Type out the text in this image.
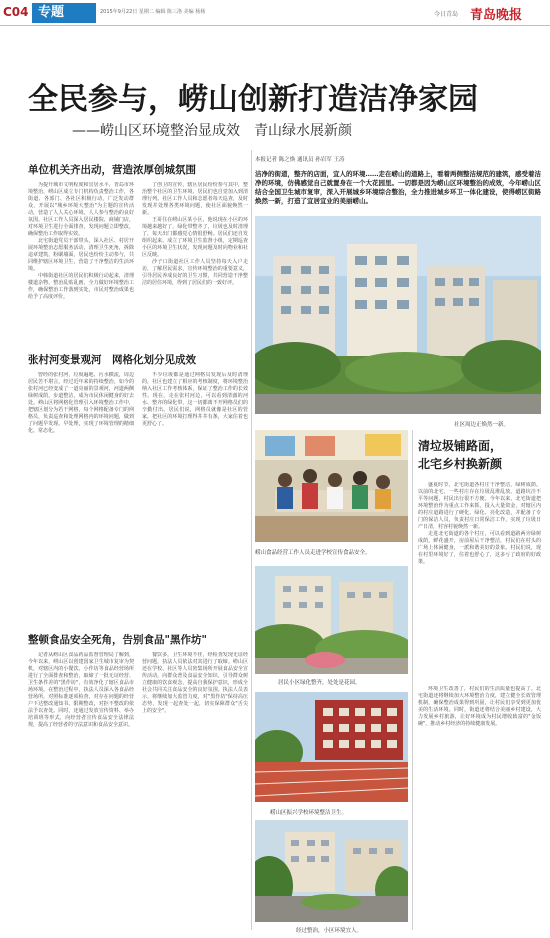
C04 专题	2015年9月22日 星期二 编辑 陈三洛 美编 杨杨	今日青岛 青岛晚报
全民参与，崂山创新打造洁净家园
——崂山区环境整治显成效　青山绿水展新颜
本报记者 陈之焕 通讯员 孙岩军 王涛
洁净的街道，整齐的店面，宜人的环境……走在崂山的道路上，看着两侧整洁规范的建筑，感受着洁净的环境，仿佛感觉自己就置身在一个大花园里。一切都是因为崂山区环境整治的成效，今年崂山区结合全国卫生城市复审，深入开展城乡环境综合整治，全力推进城乡环卫一体化建设，使得崂区街路焕然一新，打造了宜居宜业的美丽崂山。
单位机关齐出动，营造浓厚创城氛围

为提升城市文明程度和宜居水平，青岛市环境整治，崂山区成立专门机构负责整治工作，各街道、各部门、各社区积极行动，广泛发动群众，开展以"城乡环境大整治"为主题的宣传活动，营造了人人关心环境、人人参与整治的良好氛围。社区工作人员深入居民楼院、商铺门店，对环境卫生进行全面排查，发现问题立即整改，确保整治工作取得实效。

北宅街道党员干部带头，深入社区、村居开展环境整治志愿服务活动，清理卫生死角，拆除违章建筑，粉刷墙面，居民也纷纷主动参与，共同维护辖区环境卫生，营造了干净整洁的生活环境。

中韩街道社区的居民们积极行动起来，清理楼道杂物，整治乱贴乱画，全力做好环境整治工作，确保整治工作落到实处，市民对整治成果也给予了高度评价。

了创卫的宣传，辖区居民纷纷参与其中，整治整个社区的卫生环境，居民们也自觉加入到清理行列。社区工作人员和志愿者每天巡查，及时发现并处理各类环境问题，使社区面貌焕然一新。

王哥住在崂山区某小区，他说现在小区的环境越来越好了，绿化带整齐了，垃圾也及时清理了，每天出门都感觉心情很舒畅。居民们还自发组织起来，成立了环境卫生监督小组，定期巡查小区的环境卫生状况，发现问题及时向物业和社区反映。

沙子口街道社区工作人员坚持每天入户走访，了解居民需求，宣传环境整治的重要意义，引导居民养成良好的卫生习惯，共同营造干净整洁的居住环境，得到了居民们的一致好评。

社区周边正焕然一新。
张村河变景观河　网格化划分见成效

曾经的张村河，垃圾遍地、污水横流，周边居民苦不堪言。经过近年来的持续整治，如今的张村河已经变成了一道亮丽的景观河，河道两侧绿树成荫，步道整洁，成为市民休闲健身的好去处。崂山区将网格化管理引入环境整治工作中，把辖区划分为若干网格，每个网格配备专门的网格员，负责巡查和处理网格内的环境问题，做到了问题早发现、早处理，实现了环境管理的精细化、常态化。

不少垃圾都是通过网格员发现后及时清理的，社区也建立了相应的考核制度，将环境整治纳入社区工作考核体系，保证了整治工作的长效性。现在，走在张村河边，可以看到清澈的河水、整齐的绿化带，这一切都离不开网格员们的辛勤付出。居民们说，网格员就像是社区的管家，把社区的环境打理得井井有条，大家住着也更舒心了。

崂山食品经营工作人员走进学校宣传食品安全。
清垃圾铺路面，
北宅乡村换新颜

盛夏时节，北宅街道各村庄干净整洁，绿树成荫。以前的北宅，一些村庄存在垃圾乱堆乱放、道路坑洼不平等问题，村民出行很不方便。今年以来，北宅街道把环境整治作为重点工作来抓，投入大量资金，对辖区内的村庄道路进行了硬化、绿化、亮化改造，并配备了专门的保洁人员，负责村庄日常保洁工作，实现了垃圾日产日清，村容村貌焕然一新。

走进北宅街道的各个村庄，可以看到道路两旁绿树成荫，鲜花盛开，房前屋后干净整洁，村民们在村头的广场上休闲健身，一派和谐美好的景象。村民们说，现在村里环境好了，住着也舒心了，这多亏了政府的好政策。

环境卫生改善了，村民们的生活质量也提高了。北宅街道还将继续加大环境整治力度，建立健全长效管理机制，确保整治成果得到巩固，让村民们享受到更加优美的生活环境。同时，街道还将结合美丽乡村建设，大力发展乡村旅游，让好环境成为村民增收致富的"金饭碗"，推动乡村经济的持续健康发展。

居民小区绿化整齐，处处是花园。
整顿食品安全死角，告别食品"黑作坊"

记者从崂山区食品药品监督管理局了解到，今年以来，崂山区以创建国家卫生城市复审为契机，对辖区内的小餐饮、小作坊等食品经营场所进行了全面排查和整治，取缔了一批无证经营、卫生条件差的"黑作坊"，有效净化了辖区食品市场环境。在整治过程中，执法人员深入各食品经营场所，对照标准逐项检查，对存在问题的经营户下达整改通知书，限期整改，对拒不整改的依法予以查处。同时，还通过发放宣传资料、举办培训班等形式，向经营者宣传食品安全法律法规，提高了经营者的守法意识和食品安全意识。

餐饮多，卫生环境不佳，经检查发现无证经营问题，执法人员依法对其进行了取缔。崂山区还在学校、社区等人员密集场所开展食品安全宣传活动，向群众普及食品安全知识，引导群众树立健康的饮食观念，提高自我保护意识，形成全社会共同关注食品安全的良好氛围。执法人员表示，将继续加大监管力度，对"黑作坊"保持高压态势，发现一起查处一起，切实保障群众"舌尖上的安全"。

崂山区振兴学校环境整洁卫生。
经过整治，小区环境宜人。
